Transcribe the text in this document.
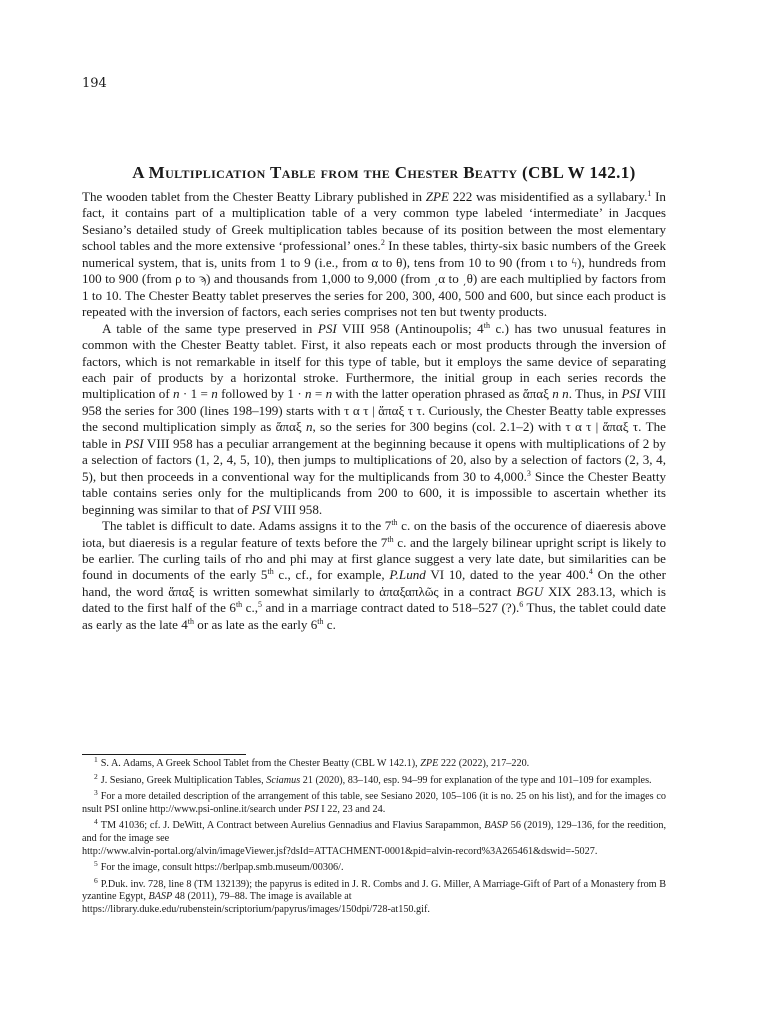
194
A Multiplication Table from the Chester Beatty (CBL W 142.1)

The wooden tablet from the Chester Beatty Library published in ZPE 222 was misidentified as a syllabary.$^1$ In fact, it contains part of a multiplication table of a very common type labeled ‘intermediate’ in Jacques Sesiano’s detailed study of Greek multiplication tables because of its position between the most elementary school tables and the more extensive ‘professional’ ones.$^2$ In these tables, thirty-six basic numbers of the Greek numerical system, that is, units from 1 to 9 (i.e., from α to θ), tens from 10 to 90 (from ι to ϟ), hundreds from 100 to 900 (from ρ to ϡ) and thousands from 1,000 to 9,000 (from ͵α to ͵θ) are each multiplied by factors from 1 to 10. The Chester Beatty tablet preserves the series for 200, 300, 400, 500 and 600, but since each product is repeated with the inversion of factors, each series comprises not ten but twenty products.

A table of the same type preserved in PSI VIII 958 (Antinoupolis; 4th c.) has two unusual features in common with the Chester Beatty tablet. First, it also repeats each or most products through the inversion of factors, which is not remarkable in itself for this type of table, but it employs the same device of separating each pair of products by a horizontal stroke. Furthermore, the initial group in each series records the multiplication of n · 1 = n followed by 1 · n = n with the latter operation phrased as ἅπαξ n n. Thus, in PSI VIII 958 the series for 300 (lines 198–199) starts with τ α τ | ἅπαξ τ τ. Curiously, the Chester Beatty table expresses the second multiplication simply as ἅπαξ n, so the series for 300 begins (col. 2.1–2) with τ α τ | ἅπαξ τ. The table in PSI VIII 958 has a peculiar arrangement at the beginning because it opens with multiplications of 2 by a selection of factors (1, 2, 4, 5, 10), then jumps to multiplications of 20, also by a selection of factors (2, 3, 4, 5), but then proceeds in a conventional way for the multiplicands from 30 to 4,000.$^3$ Since the Chester Beatty table contains series only for the multiplicands from 200 to 600, it is impossible to ascertain whether its beginning was similar to that of PSI VIII 958.

The tablet is difficult to date. Adams assigns it to the 7th c. on the basis of the occurence of diaeresis above iota, but diaeresis is a regular feature of texts before the 7th c. and the largely bilinear upright script is likely to be earlier. The curling tails of rho and phi may at first glance suggest a very late date, but similarities can be found in documents of the early 5th c., cf., for example, P.Lund VI 10, dated to the year 400.$^4$ On the other hand, the word ἅπαξ is written somewhat similarly to ἁπαξαπλῶς in a contract BGU XIX 283.13, which is dated to the first half of the 6th c.,$^5$ and in a marriage contract dated to 518–527 (?).$^6$ Thus, the tablet could date as early as the late 4th or as late as the early 6th c.

$^1$ S. A. Adams, A Greek School Tablet from the Chester Beatty (CBL W 142.1), ZPE 222 (2022), 217–220.
$^2$ J. Sesiano, Greek Multiplication Tables, Sciamus 21 (2020), 83–140, esp. 94–99 for explanation of the type and 101–109 for examples.
$^3$ For a more detailed description of the arrangement of this table, see Sesiano 2020, 105–106 (it is no. 25 on his list), and for the images consult PSI online http://www.psi-online.it/search under PSI I 22, 23 and 24.
$^4$ TM 41036; cf. J. DeWitt, A Contract between Aurelius Gennadius and Flavius Sarapammon, BASP 56 (2019), 129–136, for the reedition, and for the image see
http://www.alvin-portal.org/alvin/imageViewer.jsf?dsId=ATTACHMENT-0001&pid=alvin-record%3A265461&dswid=-5027.
$^5$ For the image, consult https://berlpap.smb.museum/00306/.
$^6$ P.Duk. inv. 728, line 8 (TM 132139); the papyrus is edited in J. R. Combs and J. G. Miller, A Marriage-Gift of Part of a Monastery from Byzantine Egypt, BASP 48 (2011), 79–88. The image is available at
https://library.duke.edu/rubenstein/scriptorium/papyrus/images/150dpi/728-at150.gif.
